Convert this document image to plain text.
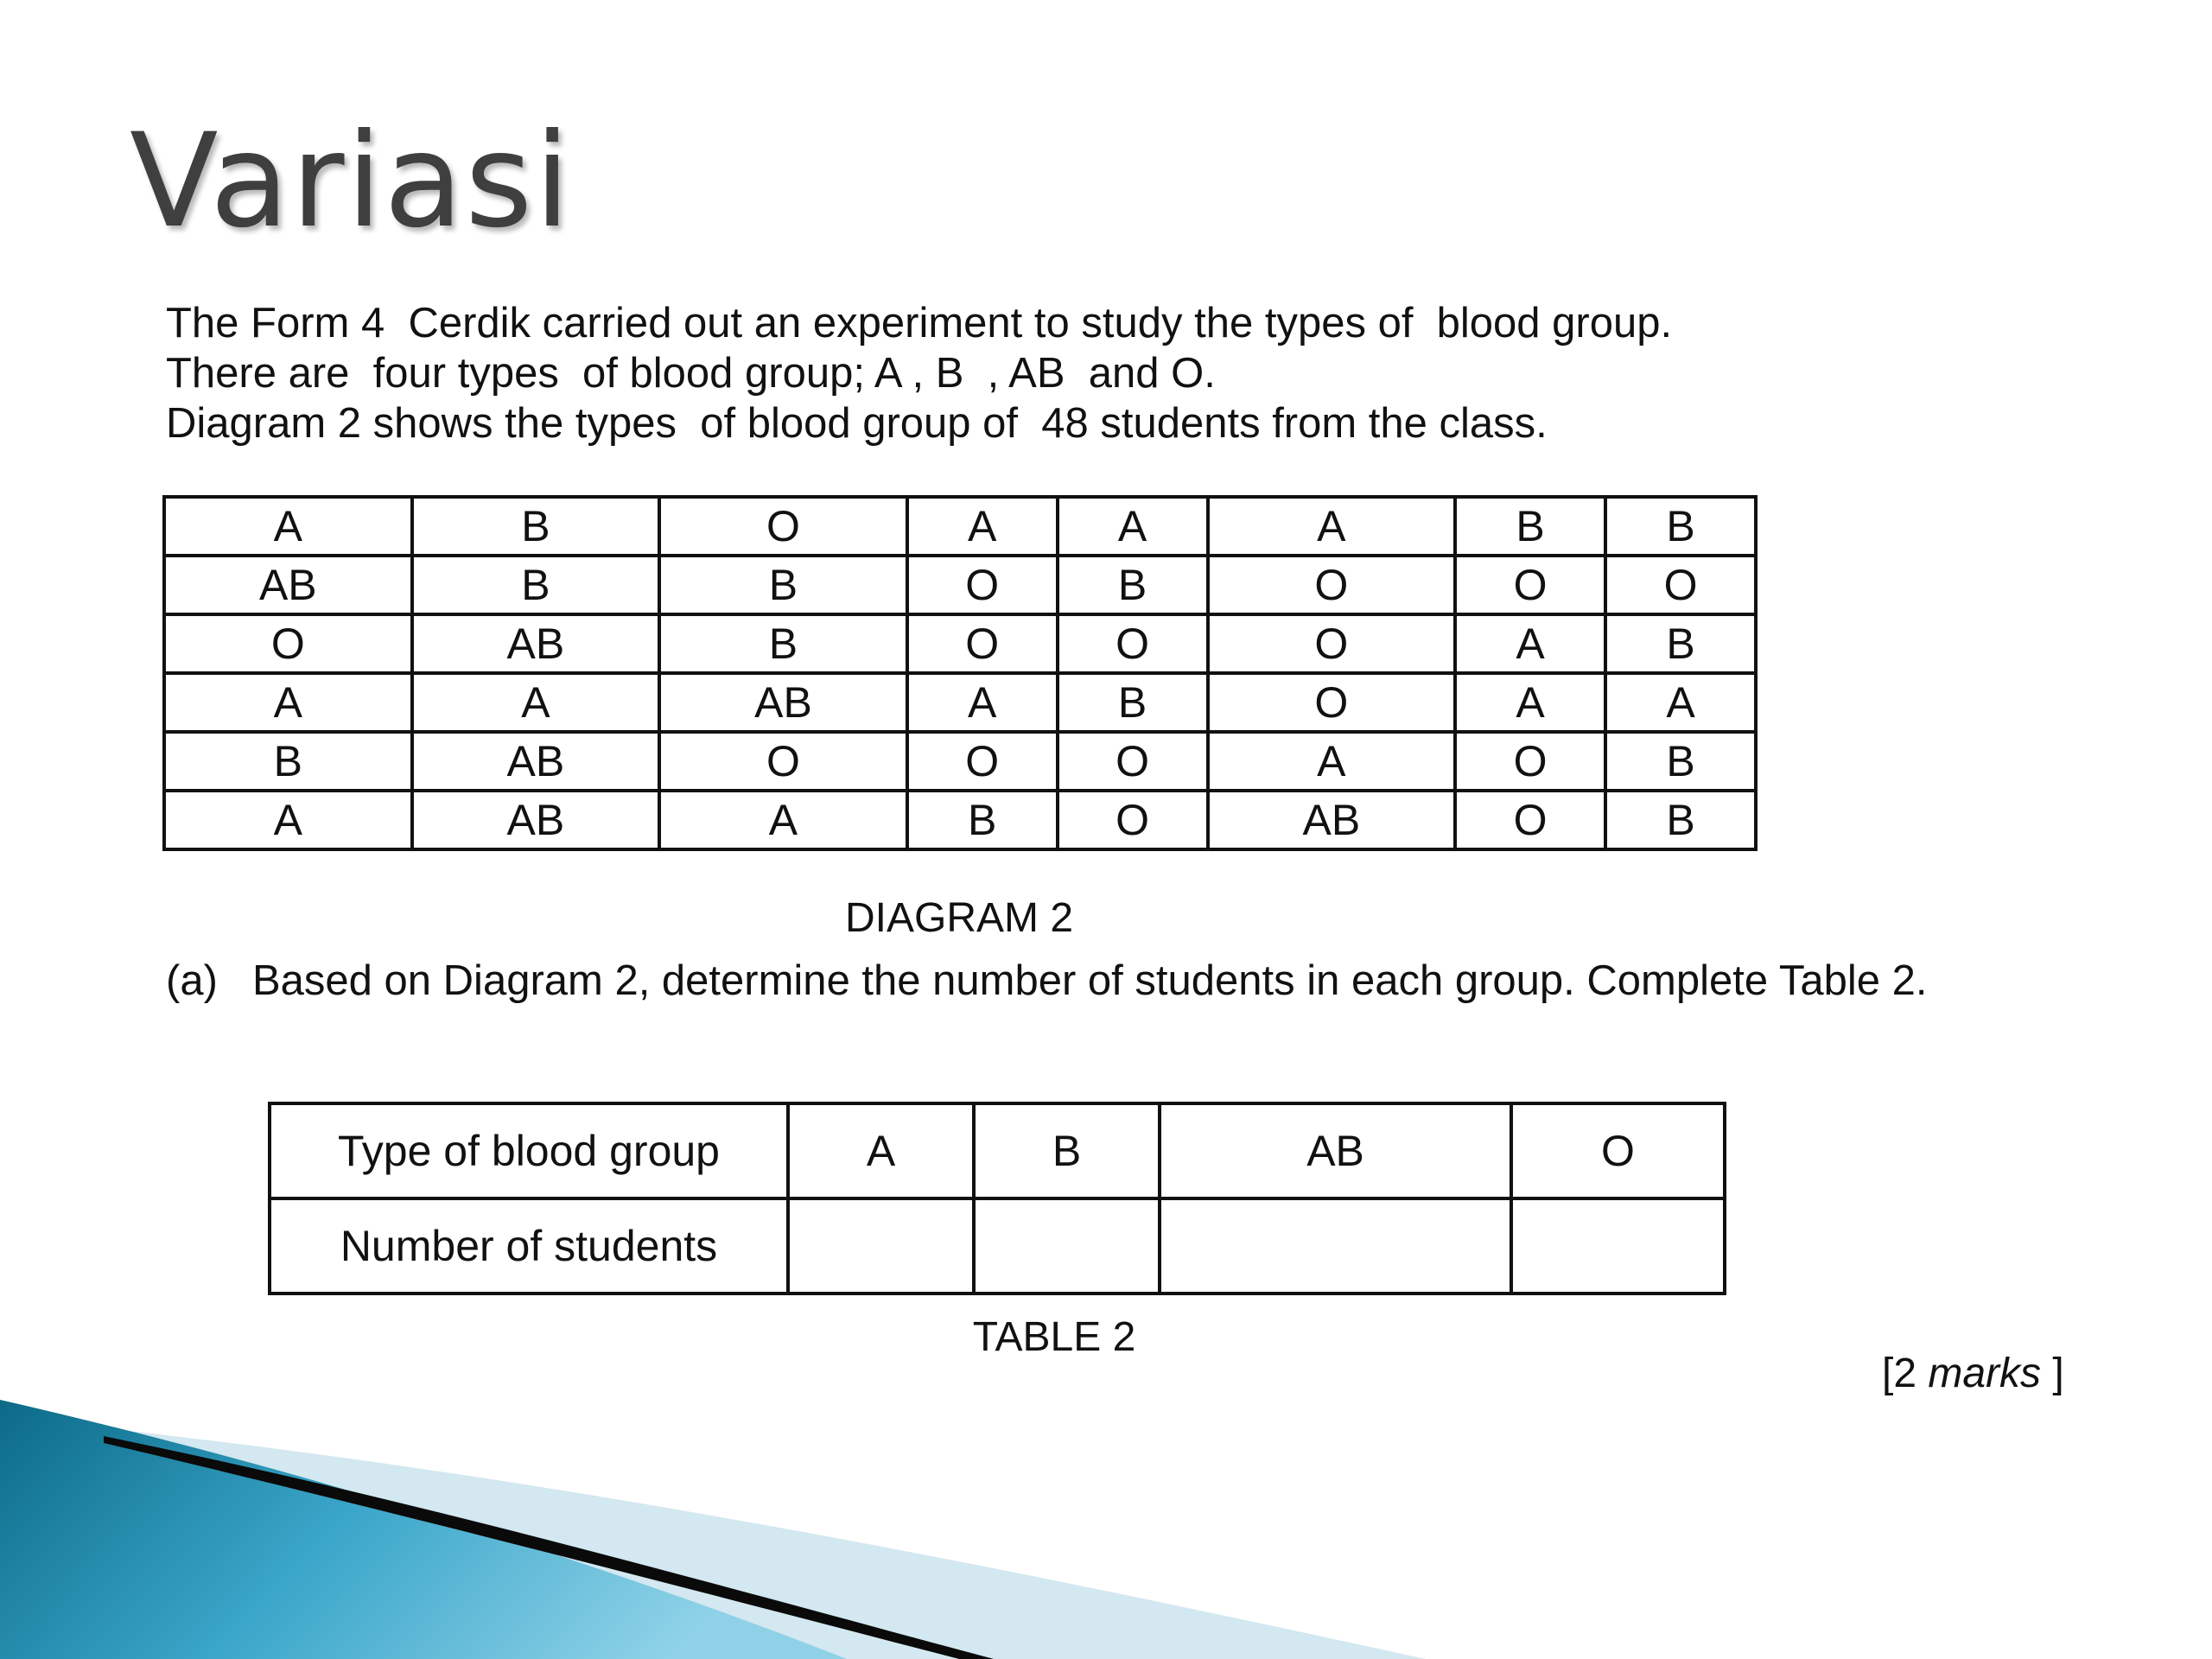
Variasi

The Form 4  Cerdik carried out an experiment to study the types of  blood group.

There are  four types  of blood group; A , B  , AB  and O.

Diagram 2 shows the types  of blood group of  48 students from the class.

A	B	O	A	A	A	B	B
AB	B	B	O	B	O	O	O
O	AB	B	O	O	O	A	B
A	A	AB	A	B	O	A	A
B	AB	O	O	O	A	O	B
A	AB	A	B	O	AB	O	B
DIAGRAM 2
(a) Based on Diagram 2, determine the number of students in each group. Complete Table 2.
Type of blood group	A	B	AB	O
Number of students				
TABLE 2
[2 marks ]
